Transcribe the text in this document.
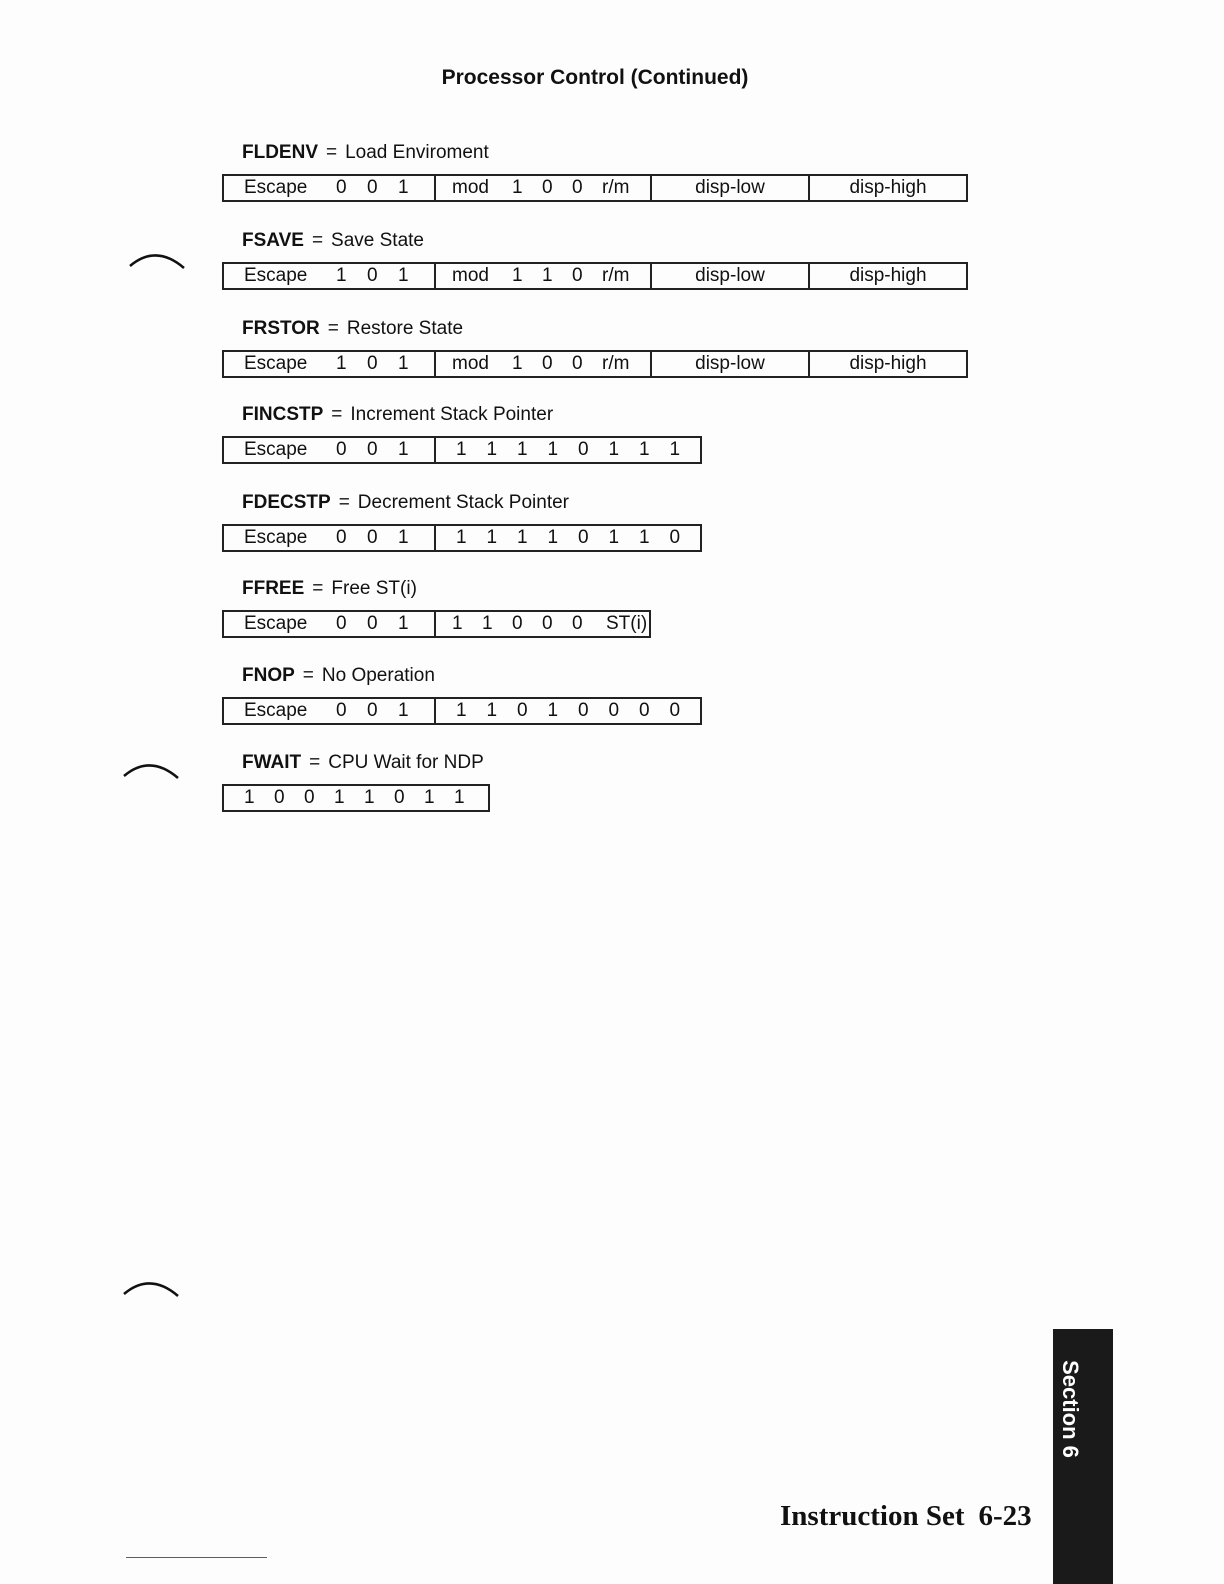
Processor Control (Continued)
FLDENV = Load Enviroment
Escape	0	0	1	mod	1	0	0	r/m	disp-low	disp-high
FSAVE = Save State
Escape	1	0	1	mod	1	1	0	r/m	disp-low	disp-high
FRSTOR = Restore State
Escape	1	0	1	mod	1	0	0	r/m	disp-low	disp-high
FINCSTP = Increment Stack Pointer
Escape	0	0	1	1	1	1	1	0	1	1	1
FDECSTP = Decrement Stack Pointer
Escape	0	0	1	1	1	1	1	0	1	1	0
FFREE = Free ST(i)
Escape	0	0	1	1	1	0	0	0	ST(i)
FNOP = No Operation
Escape	0	0	1	1	1	0	1	0	0	0	0
FWAIT = CPU Wait for NDP
1	0	0	1	1	0	1	1
Instruction Set 6-23
Section 6
